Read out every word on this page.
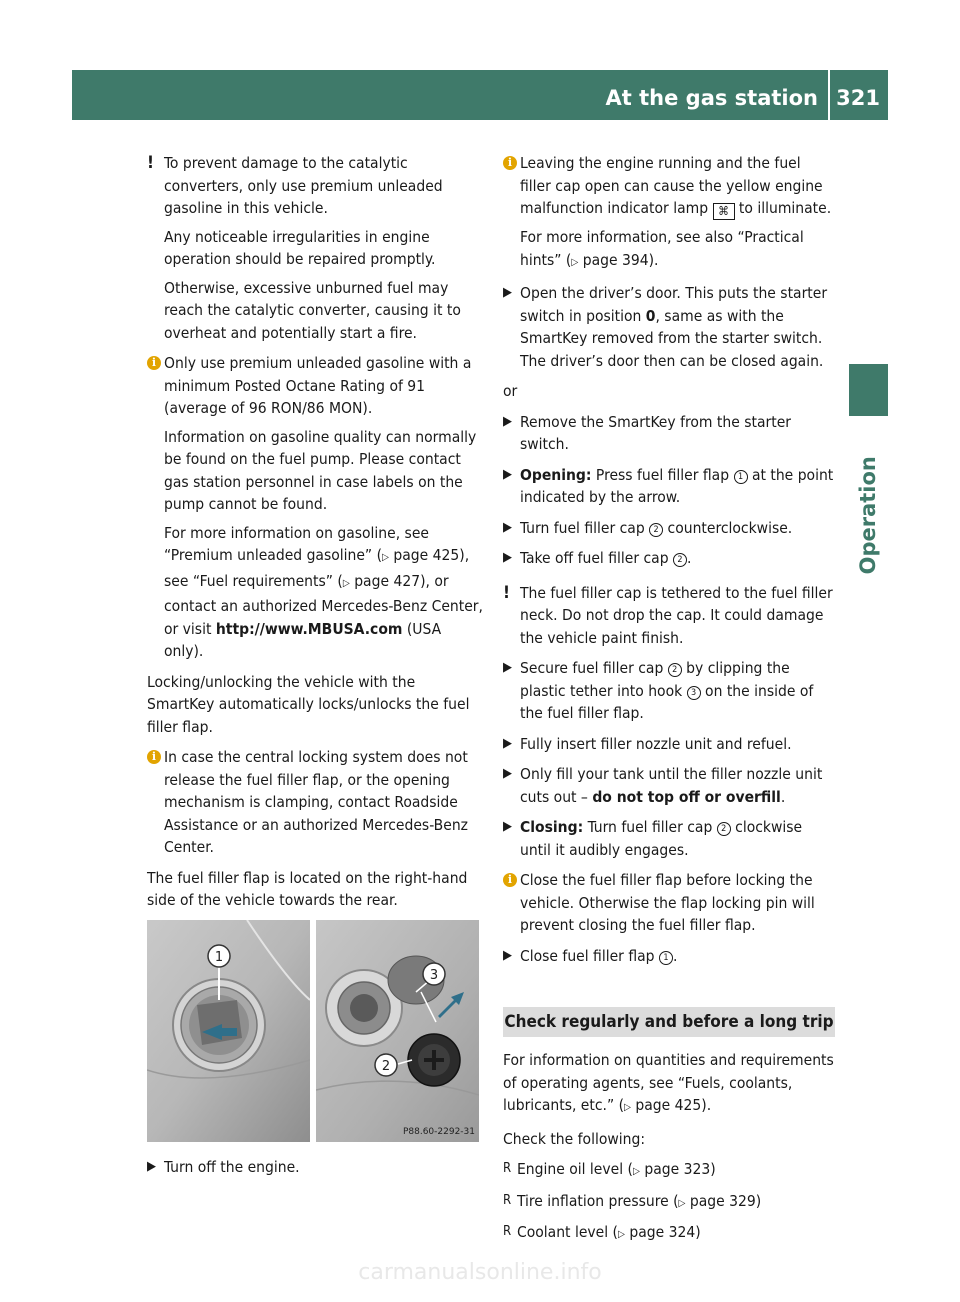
At the gas station 321
Operation
! To prevent damage to the catalytic converters, only use premium unleaded gasoline in this vehicle.

Any noticeable irregularities in engine operation should be repaired promptly.

Otherwise, excessive unburned fuel may reach the catalytic converter, causing it to overheat and potentially start a fire.

i Only use premium unleaded gasoline with a minimum Posted Octane Rating of 91 (average of 96 RON/86 MON).

Information on gasoline quality can normally be found on the fuel pump. Please contact gas station personnel in case labels on the pump cannot be found.

For more information on gasoline, see “Premium unleaded gasoline” (▷ page 425), see “Fuel requirements” (▷ page 427), or contact an authorized Mercedes-Benz Center, or visit http://www.MBUSA.com (USA only).

Locking/unlocking the vehicle with the SmartKey automatically locks/unlocks the fuel filler flap.

i In case the central locking system does not release the fuel filler flap, or the opening mechanism is clamping, contact Roadside Assistance or an authorized Mercedes-Benz Center.

The fuel filler flap is located on the right-hand side of the vehicle towards the rear.

1
3
2
P88.60-2292-31
▶ Turn off the engine.

i Leaving the engine running and the fuel filler cap open can cause the yellow engine malfunction indicator lamp ⌘ to illuminate.

For more information, see also “Practical hints” (▷ page 394).

▶ Open the driver’s door. This puts the starter switch in position 0, same as with the SmartKey removed from the starter switch. The driver’s door then can be closed again.

or

▶ Remove the SmartKey from the starter switch.

▶ Opening: Press fuel filler flap 1 at the point indicated by the arrow.

▶ Turn fuel filler cap 2 counterclockwise.

▶ Take off fuel filler cap 2 .

! The fuel filler cap is tethered to the fuel filler neck. Do not drop the cap. It could damage the vehicle paint finish.

▶ Secure fuel filler cap 2 by clipping the plastic tether into hook 3 on the inside of the fuel filler flap.

▶ Fully insert filler nozzle unit and refuel.

▶ Only fill your tank until the filler nozzle unit cuts out – do not top off or overfill.

▶ Closing: Turn fuel filler cap 2 clockwise until it audibly engages.

i Close the fuel filler flap before locking the vehicle. Otherwise the flap locking pin will prevent closing the fuel filler flap.

▶ Close fuel filler flap 1 .

Check regularly and before a long trip

For information on quantities and requirements of operating agents, see “Fuels, coolants, lubricants, etc.” (▷ page 425).

Check the following:

R Engine oil level (▷ page 323)
R Tire inflation pressure (▷ page 329)
R Coolant level (▷ page 324)
carmanualsonline.info
